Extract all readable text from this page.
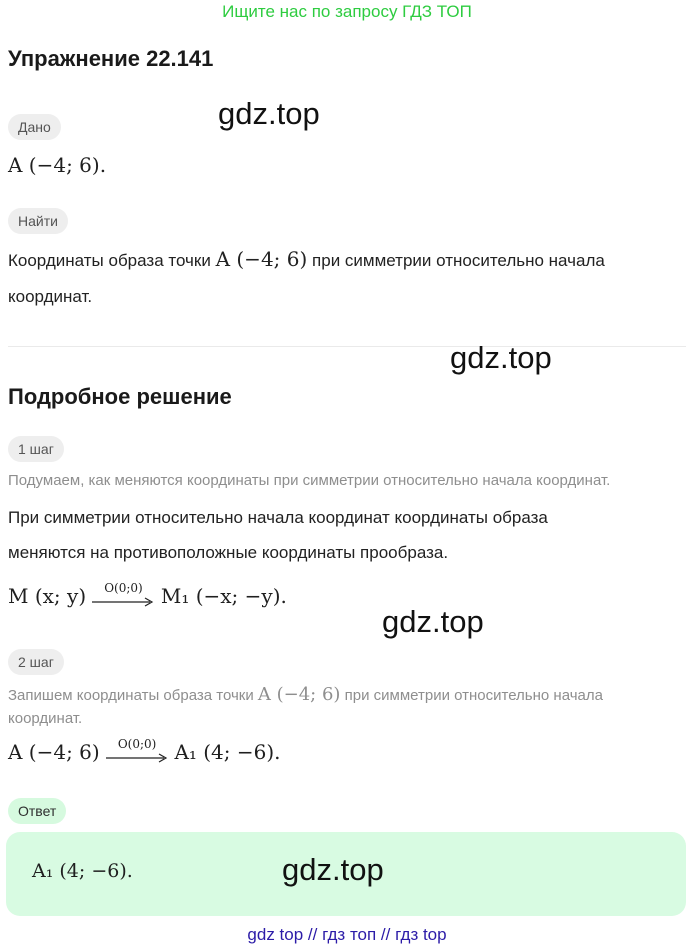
Ищите нас по запросу ГДЗ ТОП
Упражнение 22.141
gdz.top
Дано
A (−4; 6).
Найти
Координаты образа точки A (−4; 6) при симметрии относительно начала
координат.
gdz.top
Подробное решение
1 шаг
Подумаем, как меняются координаты при симметрии относительно начала координат.
При симметрии относительно начала координат координаты образа
меняются на противоположные координаты прообраза.
M (x; y)	O(0;0) M₁ (−x; −y).
gdz.top
2 шаг
Запишем координаты образа точки A (−4; 6) при симметрии относительно начала
координат.
A (−4; 6)	O(0;0) A₁ (4; −6).
Ответ
A₁ (4; −6).	gdz.top
gdz top // гдз топ // гдз top
